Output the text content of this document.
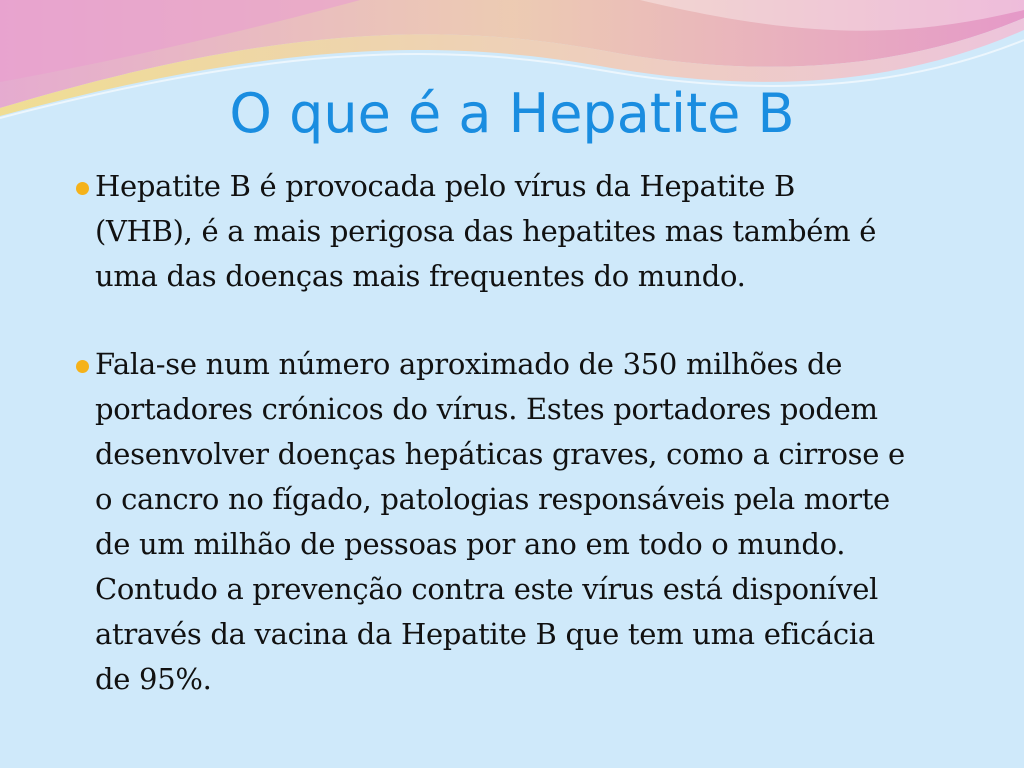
O que é a Hepatite B

Hepatite B é provocada pelo vírus da Hepatite B

(VHB), é a mais perigosa das hepatites mas também é

uma das doenças mais frequentes do mundo.

Fala-se num número aproximado de 350 milhões de

portadores crónicos do vírus. Estes portadores podem

desenvolver doenças hepáticas graves, como a cirrose e

o cancro no fígado, patologias responsáveis pela morte

de um milhão de pessoas por ano em todo o mundo.

Contudo a prevenção contra este vírus está disponível

através da vacina da Hepatite B que tem uma eficácia

de 95%.
